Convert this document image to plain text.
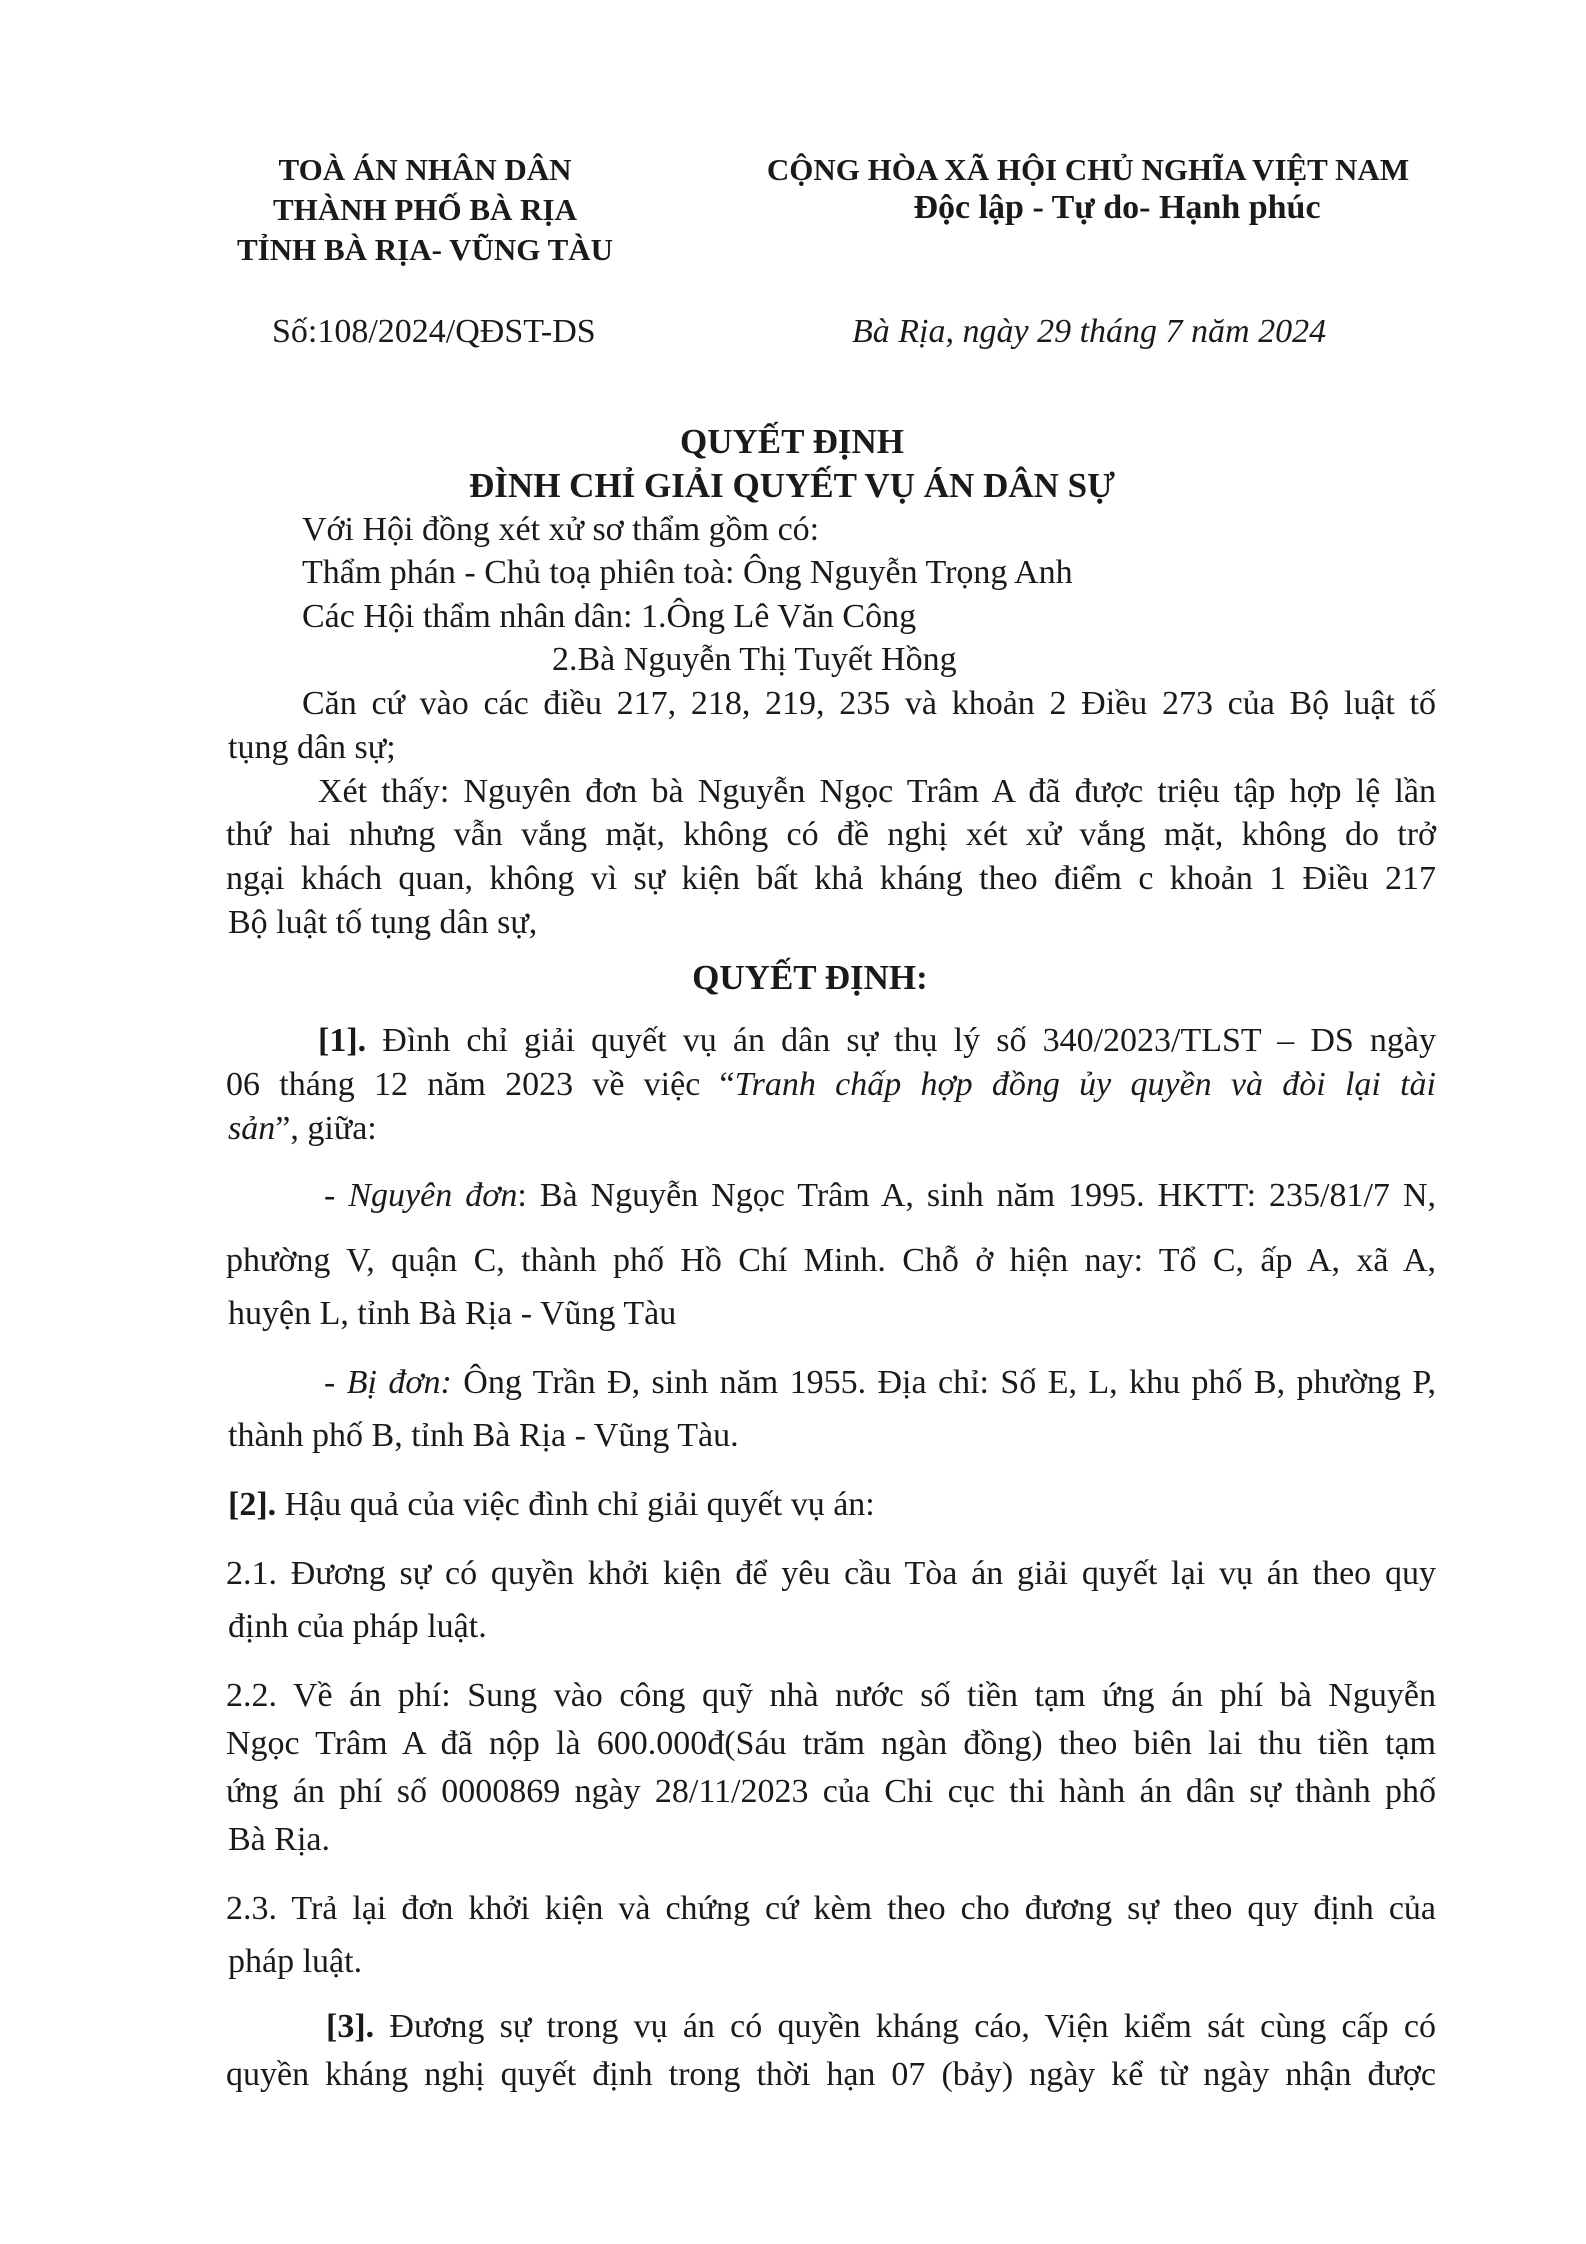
TOÀ ÁN NHÂN DÂN
THÀNH PHỐ BÀ RỊA
TỈNH BÀ RỊA- VŨNG TÀU
CỘNG HÒA XÃ HỘI CHỦ NGHĨA VIỆT NAM
Độc lập - Tự do- Hạnh phúc
Số:108/2024/QĐST-DS	Bà Rịa, ngày 29 tháng 7 năm 2024
QUYẾT ĐỊNH
ĐÌNH CHỈ GIẢI QUYẾT VỤ ÁN DÂN SỰ
Với Hội đồng xét xử sơ thẩm gồm có:
Thẩm phán - Chủ toạ phiên toà: Ông Nguyễn Trọng Anh
Các Hội thẩm nhân dân: 1.Ông Lê Văn Công
2.Bà Nguyễn Thị Tuyết Hồng
Căn cứ vào các điều 217, 218, 219, 235 và khoản 2 Điều 273 của Bộ luật tố
tụng dân sự;
Xét thấy: Nguyên đơn bà Nguyễn Ngọc Trâm A đã được triệu tập hợp lệ lần
thứ hai nhưng vẫn vắng mặt, không có đề nghị xét xử vắng mặt, không do trở
ngại khách quan, không vì sự kiện bất khả kháng theo điểm c khoản 1 Điều 217
Bộ luật tố tụng dân sự,
QUYẾT ĐỊNH:
[1]. Đình chỉ giải quyết vụ án dân sự thụ lý số 340/2023/TLST – DS ngày
06 tháng 12 năm 2023 về việc “Tranh chấp hợp đồng ủy quyền và đòi lại tài
sản”, giữa:
- Nguyên đơn: Bà Nguyễn Ngọc Trâm A, sinh năm 1995. HKTT: 235/81/7 N,
phường V, quận C, thành phố Hồ Chí Minh. Chỗ ở hiện nay: Tổ C, ấp A, xã A,
huyện L, tỉnh Bà Rịa - Vũng Tàu
- Bị đơn: Ông Trần Đ, sinh năm 1955. Địa chỉ: Số E, L, khu phố B, phường P,
thành phố B, tỉnh Bà Rịa - Vũng Tàu.
[2]. Hậu quả của việc đình chỉ giải quyết vụ án:
2.1. Đương sự có quyền khởi kiện để yêu cầu Tòa án giải quyết lại vụ án theo quy
định của pháp luật.
2.2. Về án phí: Sung vào công quỹ nhà nước số tiền tạm ứng án phí bà Nguyễn
Ngọc Trâm A đã nộp là 600.000đ(Sáu trăm ngàn đồng) theo biên lai thu tiền tạm
ứng án phí số 0000869 ngày 28/11/2023 của Chi cục thi hành án dân sự thành phố
Bà Rịa.
2.3. Trả lại đơn khởi kiện và chứng cứ kèm theo cho đương sự theo quy định của
pháp luật.
[3]. Đương sự trong vụ án có quyền kháng cáo, Viện kiểm sát cùng cấp có
quyền kháng nghị quyết định trong thời hạn 07 (bảy) ngày kể từ ngày nhận được
